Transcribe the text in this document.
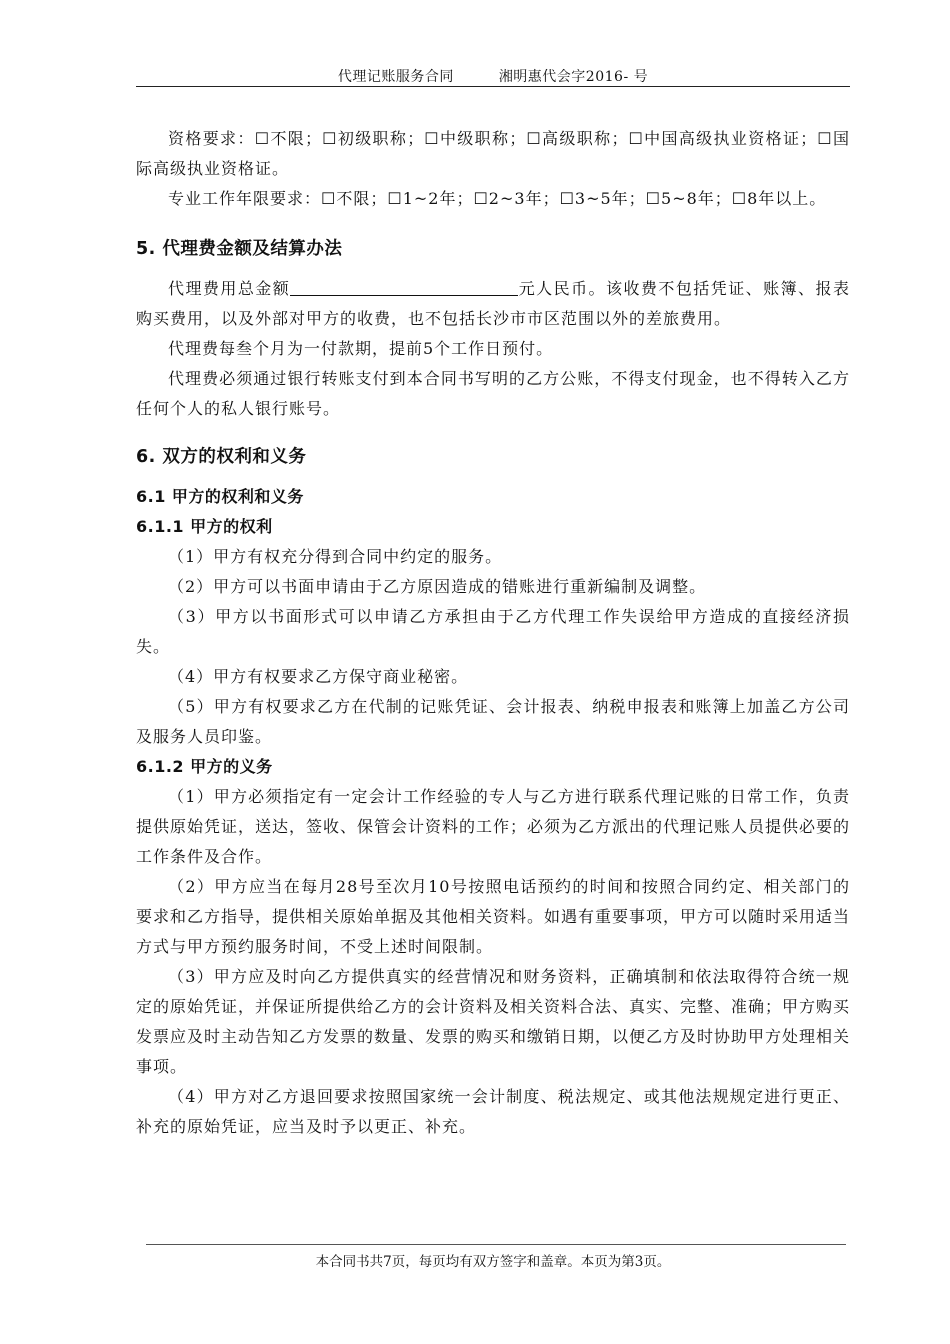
代理记账服务合同	湘明惠代会字2016- 号

资格要求：☐不限；☐初级职称；☐中级职称；☐高级职称；☐中国高级执业资格证；☐国际高级执业资格证。

专业工作年限要求：☐不限；☐1~2年；☐2~3年；☐3~5年；☐5~8年；☐8年以上。

5. 代理费金额及结算办法

代理费用总金额	元人民币。该收费不包括凭证、账簿、报表购买费用，以及外部对甲方的收费，也不包括长沙市市区范围以外的差旅费用。

代理费每叁个月为一付款期，提前5个工作日预付。

代理费必须通过银行转账支付到本合同书写明的乙方公账，不得支付现金，也不得转入乙方任何个人的私人银行账号。

6. 双方的权利和义务
6.1 甲方的权利和义务
6.1.1 甲方的权利

（1）甲方有权充分得到合同中约定的服务。

（2）甲方可以书面申请由于乙方原因造成的错账进行重新编制及调整。

（3）甲方以书面形式可以申请乙方承担由于乙方代理工作失误给甲方造成的直接经济损失。

（4）甲方有权要求乙方保守商业秘密。

（5）甲方有权要求乙方在代制的记账凭证、会计报表、纳税申报表和账簿上加盖乙方公司及服务人员印鉴。

6.1.2 甲方的义务

（1）甲方必须指定有一定会计工作经验的专人与乙方进行联系代理记账的日常工作，负责提供原始凭证，送达，签收、保管会计资料的工作；必须为乙方派出的代理记账人员提供必要的工作条件及合作。

（2）甲方应当在每月28号至次月10号按照电话预约的时间和按照合同约定、相关部门的要求和乙方指导，提供相关原始单据及其他相关资料。如遇有重要事项，甲方可以随时采用适当方式与甲方预约服务时间，不受上述时间限制。

（3）甲方应及时向乙方提供真实的经营情况和财务资料，正确填制和依法取得符合统一规定的原始凭证，并保证所提供给乙方的会计资料及相关资料合法、真实、完整、准确；甲方购买发票应及时主动告知乙方发票的数量、发票的购买和缴销日期，以便乙方及时协助甲方处理相关事项。

（4）甲方对乙方退回要求按照国家统一会计制度、税法规定、或其他法规规定进行更正、补充的原始凭证，应当及时予以更正、补充。

本合同书共7页，每页均有双方签字和盖章。本页为第3页。
